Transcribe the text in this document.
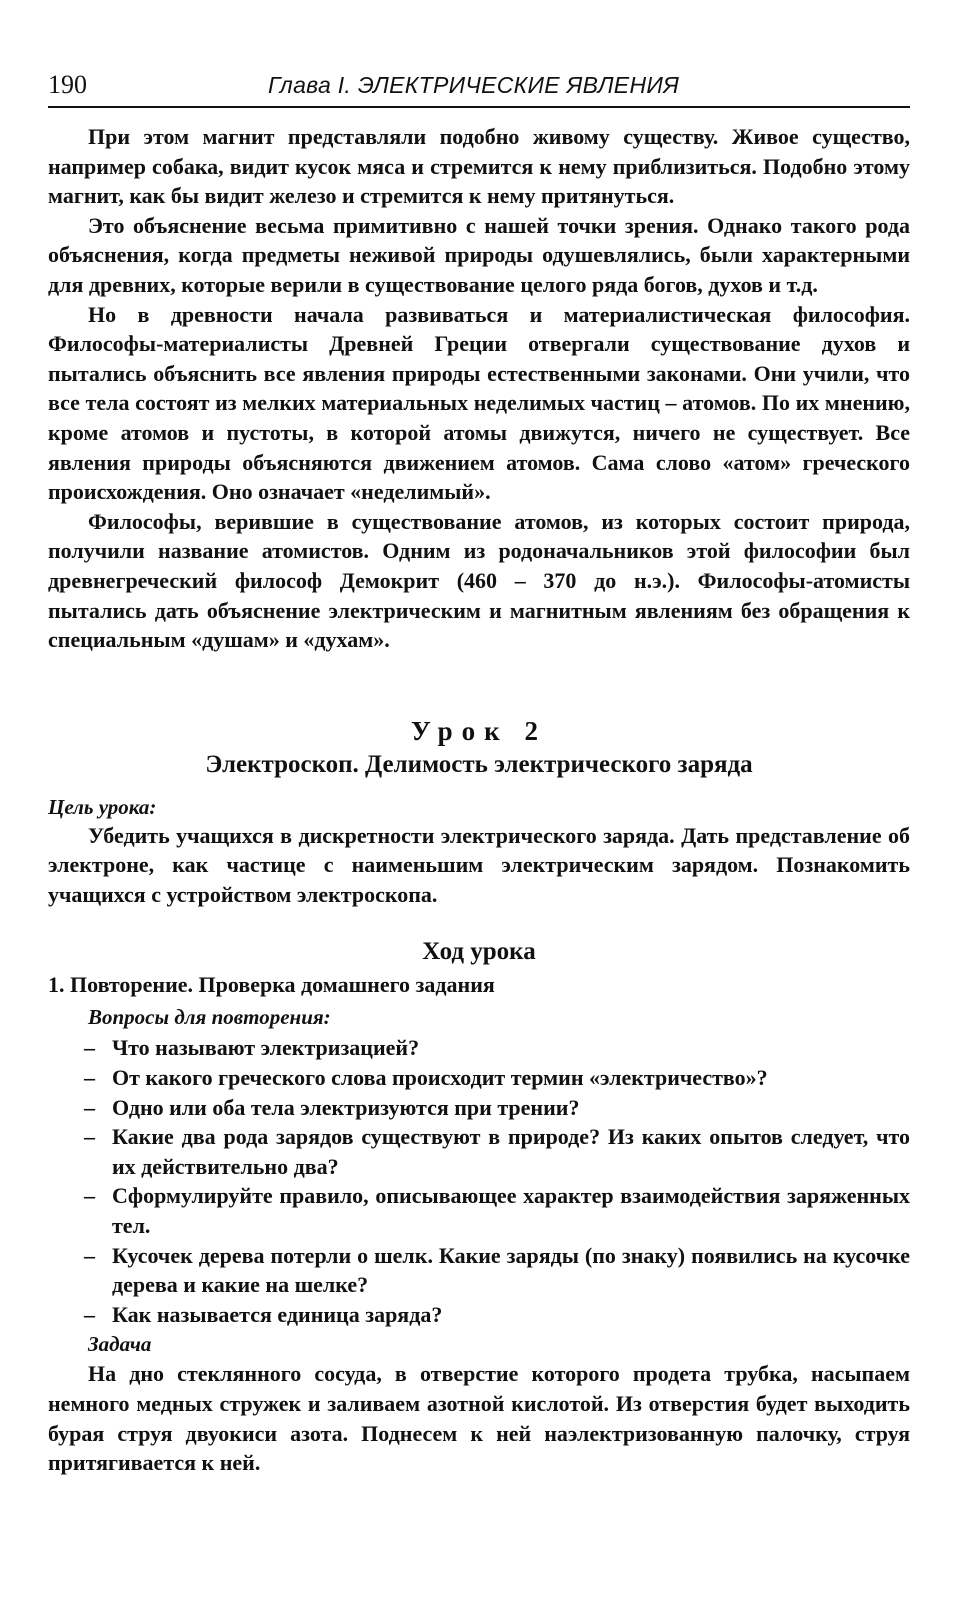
190	Глава I. ЭЛЕКТРИЧЕСКИЕ ЯВЛЕНИЯ

При этом магнит представляли подобно живому существу. Живое существо, например собака, видит кусок мяса и стремится к нему приблизиться. Подобно этому магнит, как бы видит железо и стремится к нему притянуться.

Это объяснение весьма примитивно с нашей точки зрения. Однако такого рода объяснения, когда предметы неживой природы одушевлялись, были характерными для древних, которые верили в существование целого ряда богов, духов и т.д.

Но в древности начала развиваться и материалистическая философия. Философы-материалисты Древней Греции отвергали существование духов и пытались объяснить все явления природы естественными законами. Они учили, что все тела состоят из мелких материальных неделимых частиц – атомов. По их мнению, кроме атомов и пустоты, в которой атомы движутся, ничего не существует. Все явления природы объясняются движением атомов. Сама слово «атом» греческого происхождения. Оно означает «неделимый».

Философы, верившие в существование атомов, из которых состоит природа, получили название атомистов. Одним из родоначальников этой философии был древнегреческий философ Демокрит (460 – 370 до н.э.). Философы-атомисты пытались дать объяснение электрическим и магнитным явлениям без обращения к специальным «душам» и «духам».

Урок 2
Электроскоп. Делимость электрического заряда
Цель урока:

Убедить учащихся в дискретности электрического заряда. Дать представление об электроне, как частице с наименьшим электрическим зарядом. Познакомить учащихся с устройством электроскопа.

Ход урока
1. Повторение. Проверка домашнего задания
Вопросы для повторения:
– Что называют электризацией?
– От какого греческого слова происходит термин «электричество»?
– Одно или оба тела электризуются при трении?
– Какие два рода зарядов существуют в природе? Из каких опытов следует, что их действительно два?
– Сформулируйте правило, описывающее характер взаимодействия заряженных тел.
– Кусочек дерева потерли о шелк. Какие заряды (по знаку) появились на кусочке дерева и какие на шелке?
– Как называется единица заряда?
Задача

На дно стеклянного сосуда, в отверстие которого продета трубка, насыпаем немного медных стружек и заливаем азотной кислотой. Из отверстия будет выходить бурая струя двуокиси азота. Поднесем к ней наэлектризованную палочку, струя притягивается к ней.
